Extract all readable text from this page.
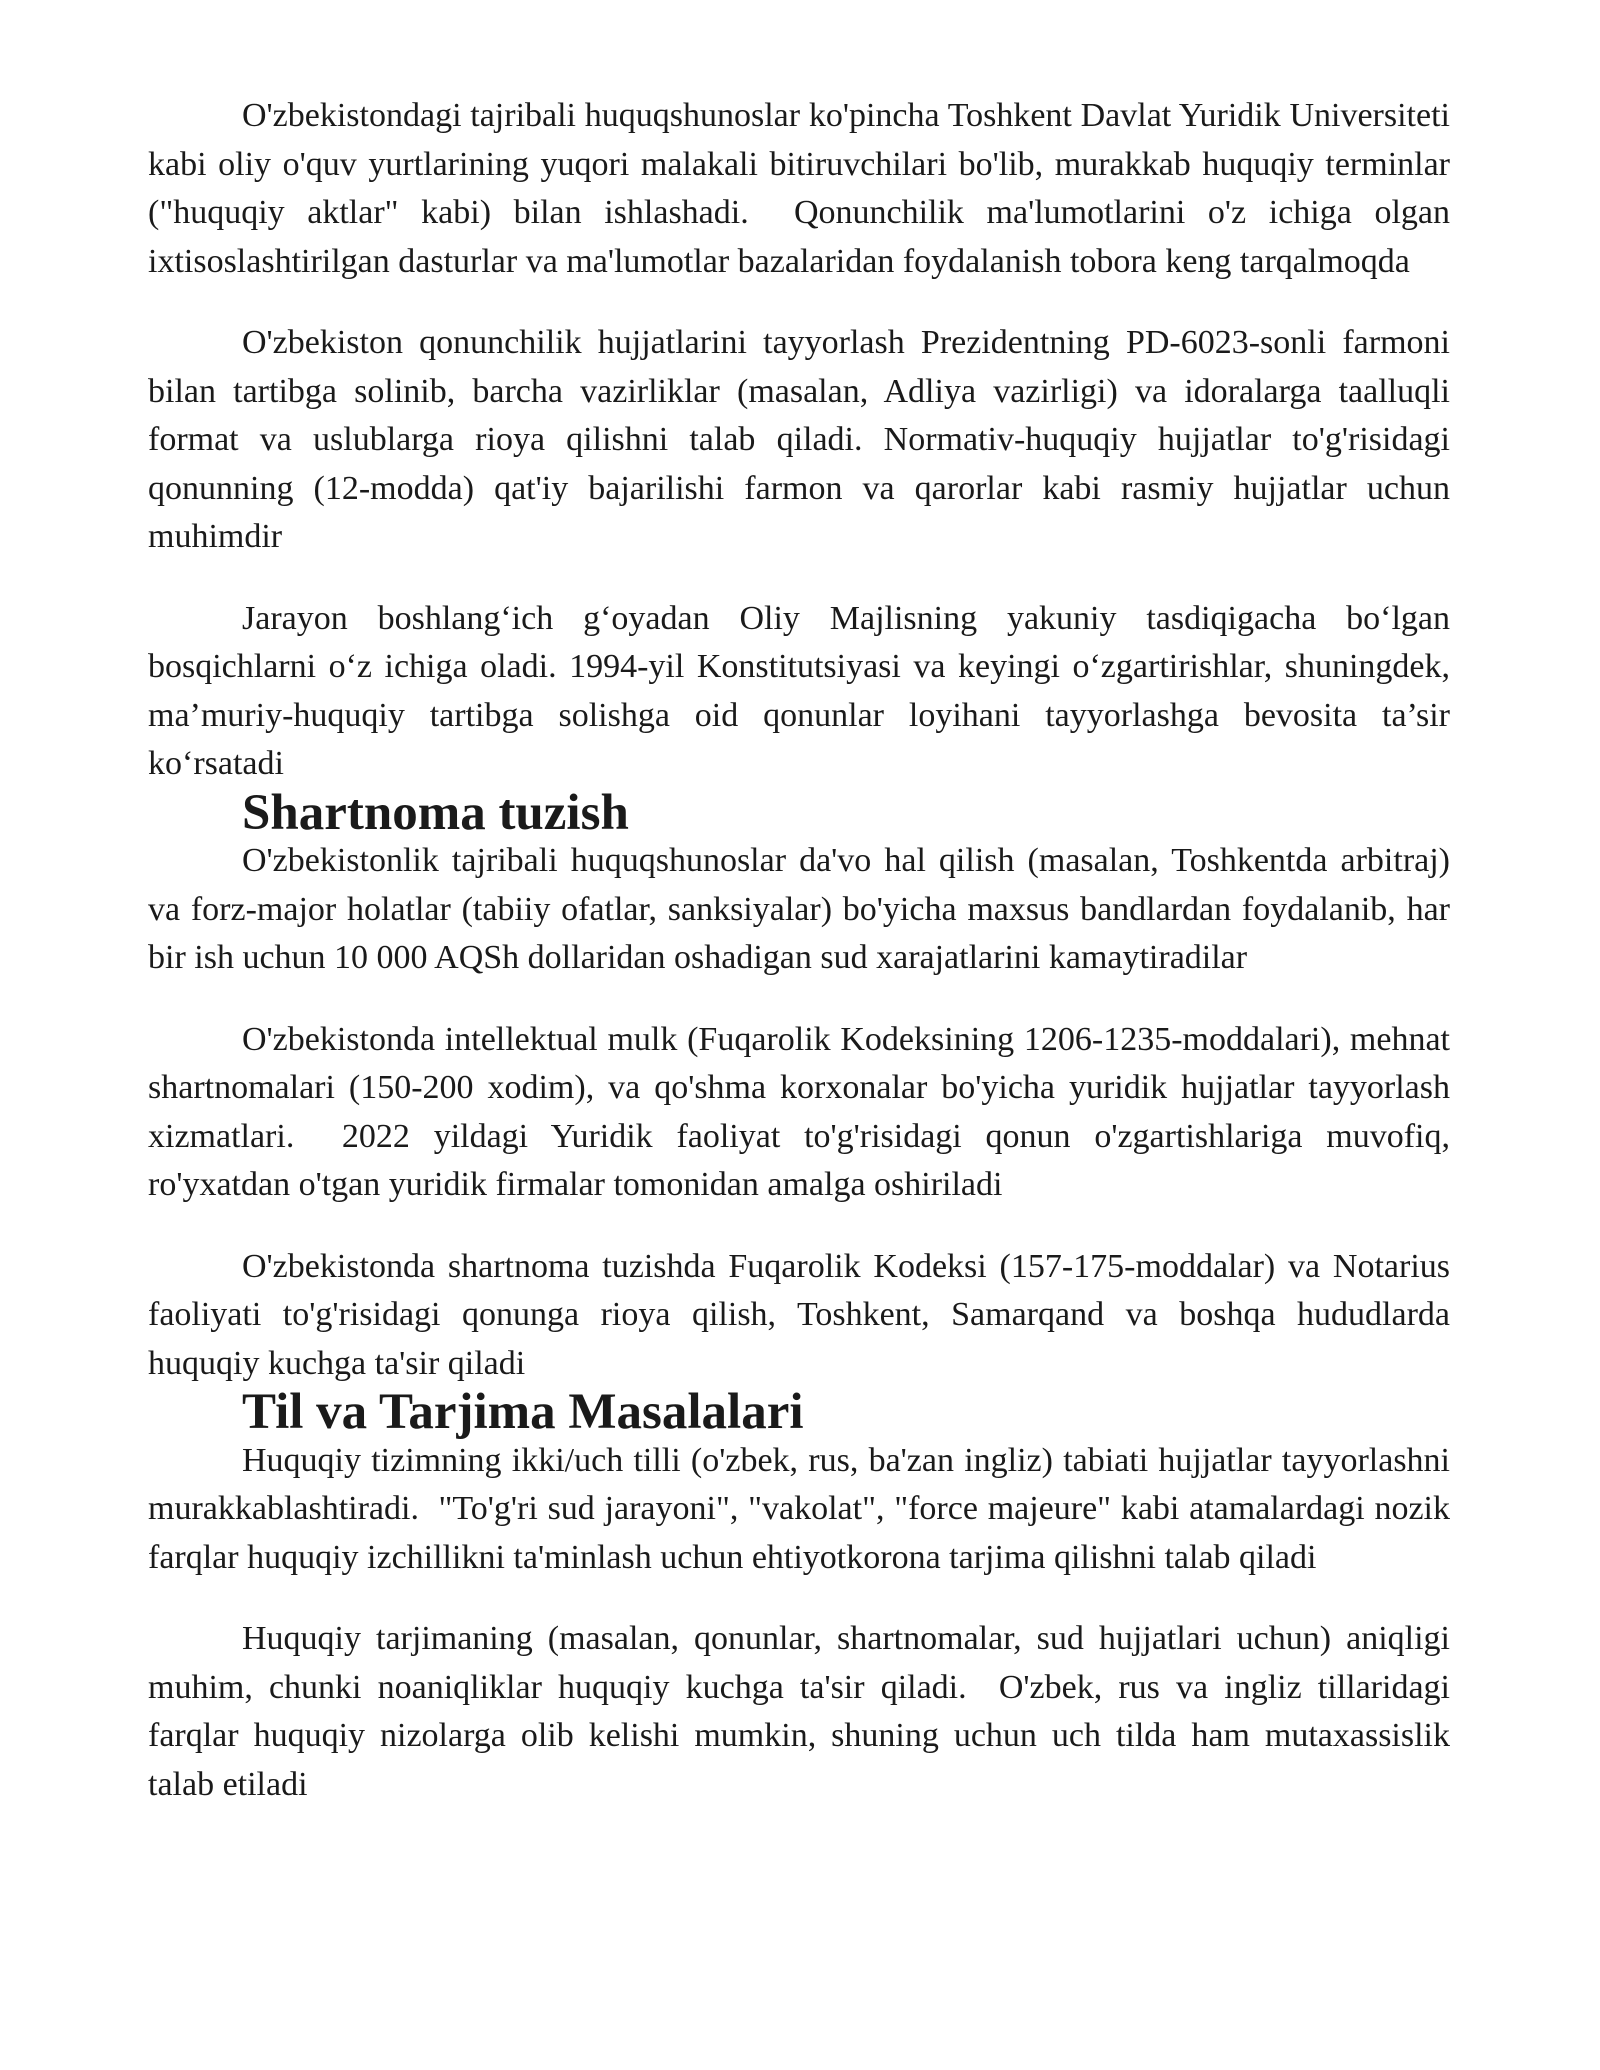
O'zbekistondagi tajribali huquqshunoslar ko'pincha Toshkent Davlat Yuridik Universiteti kabi oliy o'quv yurtlarining yuqori malakali bitiruvchilari bo'lib, murakkab huquqiy terminlar ("huquqiy aktlar" kabi) bilan ishlashadi.  Qonunchilik ma'lumotlarini o'z ichiga olgan ixtisoslashtirilgan dasturlar va ma'lumotlar bazalaridan foydalanish tobora keng tarqalmoqda

O'zbekiston qonunchilik hujjatlarini tayyorlash Prezidentning PD-6023-sonli farmoni bilan tartibga solinib, barcha vazirliklar (masalan, Adliya vazirligi) va idoralarga taalluqli format va uslublarga rioya qilishni talab qiladi. Normativ-huquqiy hujjatlar to'g'risidagi qonunning (12-modda) qat'iy bajarilishi farmon va qarorlar kabi rasmiy hujjatlar uchun muhimdir

Jarayon boshlang‘ich g‘oyadan Oliy Majlisning yakuniy tasdiqigacha bo‘lgan bosqichlarni o‘z ichiga oladi. 1994-yil Konstitutsiyasi va keyingi o‘zgartirishlar, shuningdek, ma’muriy-huquqiy tartibga solishga oid qonunlar loyihani tayyorlashga bevosita ta’sir ko‘rsatadi

Shartnoma tuzish

O'zbekistonlik tajribali huquqshunoslar da'vo hal qilish (masalan, Toshkentda arbitraj) va forz-major holatlar (tabiiy ofatlar, sanksiyalar) bo'yicha maxsus bandlardan foydalanib, har bir ish uchun 10 000 AQSh dollaridan oshadigan sud xarajatlarini kamaytiradilar

O'zbekistonda intellektual mulk (Fuqarolik Kodeksining 1206-1235-moddalari), mehnat shartnomalari (150-200 xodim), va qo'shma korxonalar bo'yicha yuridik hujjatlar tayyorlash xizmatlari.  2022 yildagi Yuridik faoliyat to'g'risidagi qonun o'zgartishlariga muvofiq, ro'yxatdan o'tgan yuridik firmalar tomonidan amalga oshiriladi

O'zbekistonda shartnoma tuzishda Fuqarolik Kodeksi (157-175-moddalar) va Notarius faoliyati to'g'risidagi qonunga rioya qilish, Toshkent, Samarqand va boshqa hududlarda huquqiy kuchga ta'sir qiladi

Til va Tarjima Masalalari

Huquqiy tizimning ikki/uch tilli (o'zbek, rus, ba'zan ingliz) tabiati hujjatlar tayyorlashni murakkablashtiradi.  "To'g'ri sud jarayoni", "vakolat", "force majeure" kabi atamalardagi nozik farqlar huquqiy izchillikni ta'minlash uchun ehtiyotkorona tarjima qilishni talab qiladi

Huquqiy tarjimaning (masalan, qonunlar, shartnomalar, sud hujjatlari uchun) aniqligi muhim, chunki noaniqliklar huquqiy kuchga ta'sir qiladi.  O'zbek, rus va ingliz tillaridagi farqlar huquqiy nizolarga olib kelishi mumkin, shuning uchun uch tilda ham mutaxassislik talab etiladi
